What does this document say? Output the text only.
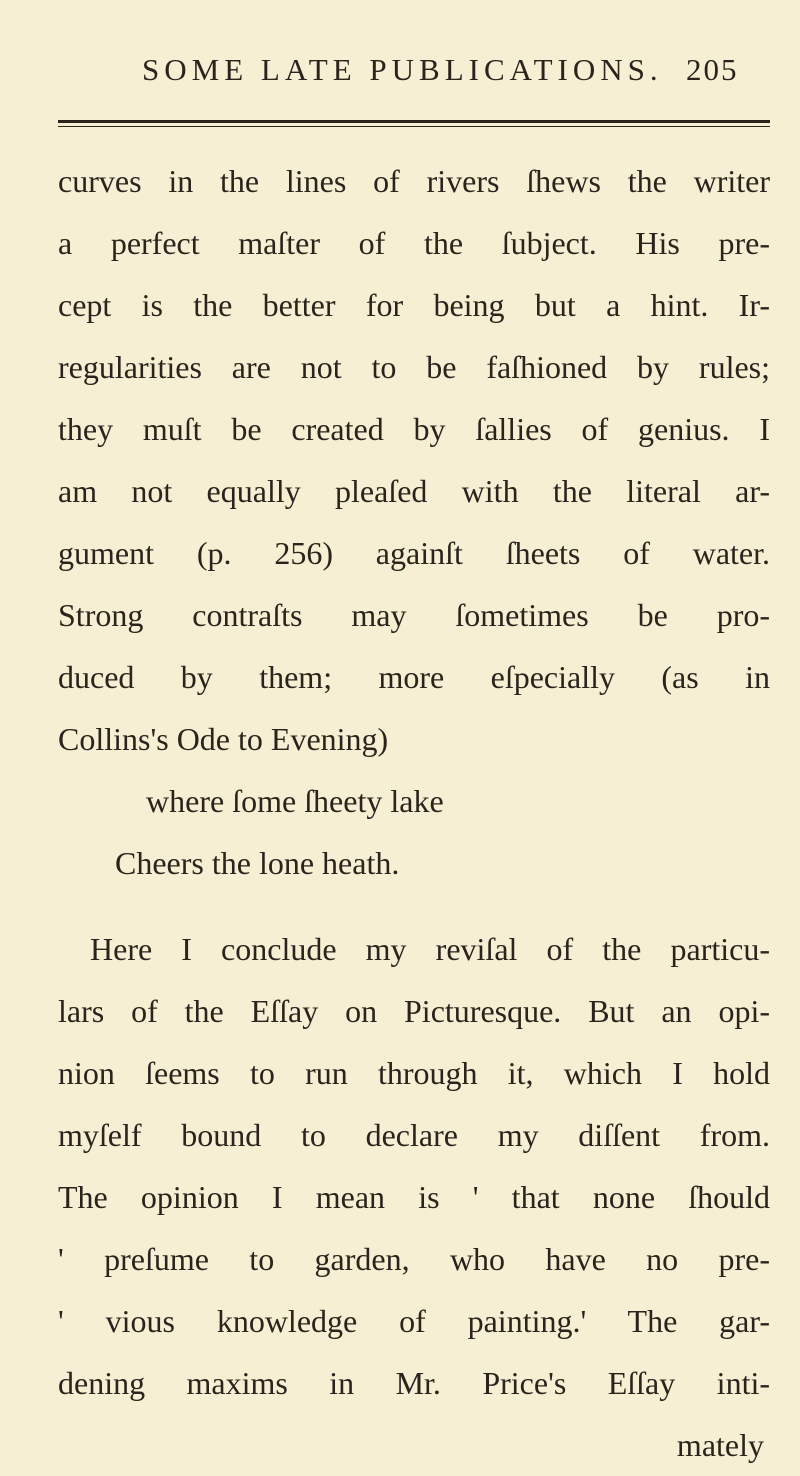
SOME LATE PUBLICATIONS. 205
curves in the lines of rivers ſhews the writer
a perfect maſter of the ſubject. His pre-
cept is the better for being but a hint. Ir-
regularities are not to be faſhioned by rules;
they muſt be created by ſallies of genius. I
am not equally pleaſed with the literal ar-
gument (p. 256) againſt ſheets of water.
Strong contraſts may ſometimes be pro-
duced by them; more eſpecially (as in
Collins's Ode to Evening)
where ſome ſheety lake
Cheers the lone heath.
Here I conclude my reviſal of the particu-
lars of the Eſſay on Picturesque. But an opi-
nion ſeems to run through it, which I hold
myſelf bound to declare my diſſent from.
The opinion I mean is ' that none ſhould
' preſume to garden, who have no pre-
' vious knowledge of painting.' The gar-
dening maxims in Mr. Price's Eſſay inti-
mately
